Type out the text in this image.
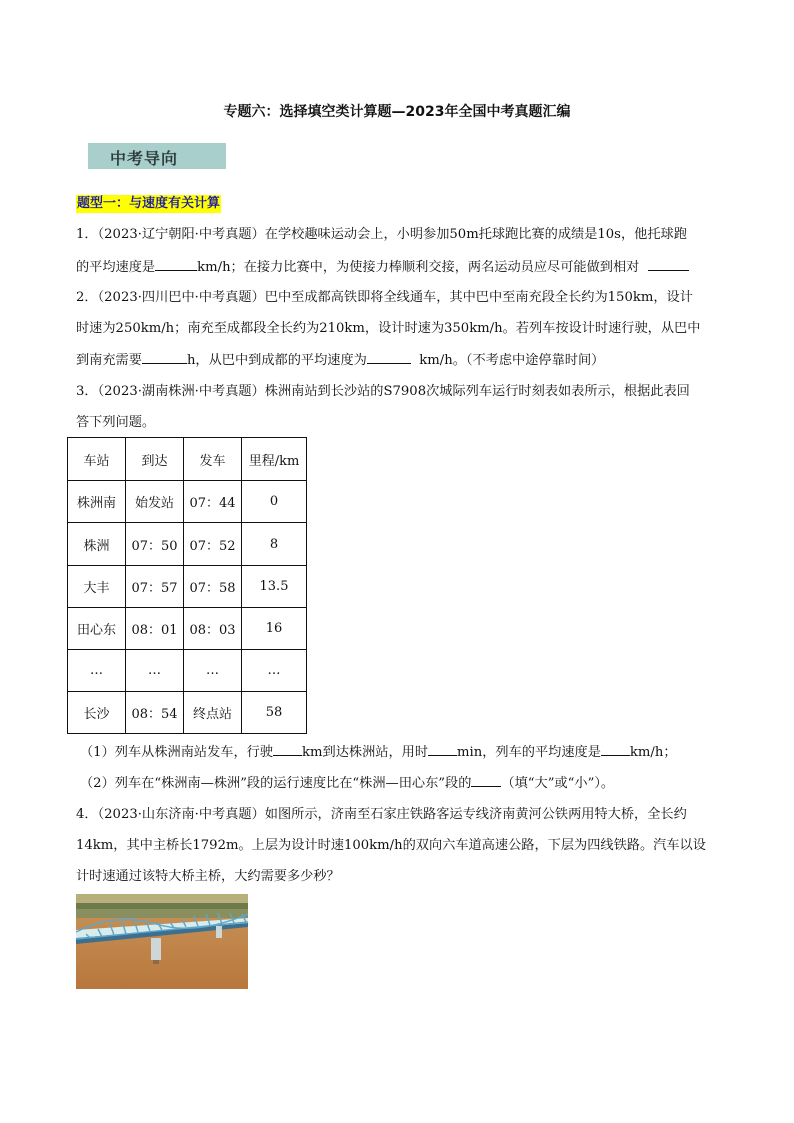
专题六：选择填空类计算题—2023年全国中考真题汇编
中考导向
题型一：与速度有关计算
1．（2023·辽宁朝阳·中考真题）在学校趣味运动会上，小明参加50m托球跑比赛的成绩是10s，他托球跑
的平均速度是	km/h；在接力比赛中，为使接力棒顺利交接，两名运动员应尽可能做到相对
2．（2023·四川巴中·中考真题）巴中至成都高铁即将全线通车，其中巴中至南充段全长约为150km，设计
时速为250km/h；南充至成都段全长约为210km，设计时速为350km/h。若列车按设计时速行驶，从巴中
到南充需要	h，从巴中到成都的平均速度为	km/h。（不考虑中途停靠时间）
3．（2023·湖南株洲·中考真题）株洲南站到长沙站的S7908次城际列车运行时刻表如表所示，根据此表回
答下列问题。
车站	到达	发车	里程/km
株洲南	始发站	07：44	0
株洲	07：50	07：52	8
大丰	07：57	07：58	13.5
田心东	08：01	08：03	16
…	…	…	…
长沙	08：54	终点站	58
（1）列车从株洲南站发车，行驶 km到达株洲站，用时 min，列车的平均速度是 km/h；
（2）列车在“株洲南—株洲”段的运行速度比在“株洲—田心东”段的 （填“大”或“小”）。
4．（2023·山东济南·中考真题）如图所示，济南至石家庄铁路客运专线济南黄河公铁两用特大桥，全长约
14km，其中主桥长1792m。上层为设计时速100km/h的双向六车道高速公路，下层为四线铁路。汽车以设
计时速通过该特大桥主桥，大约需要多少秒？
